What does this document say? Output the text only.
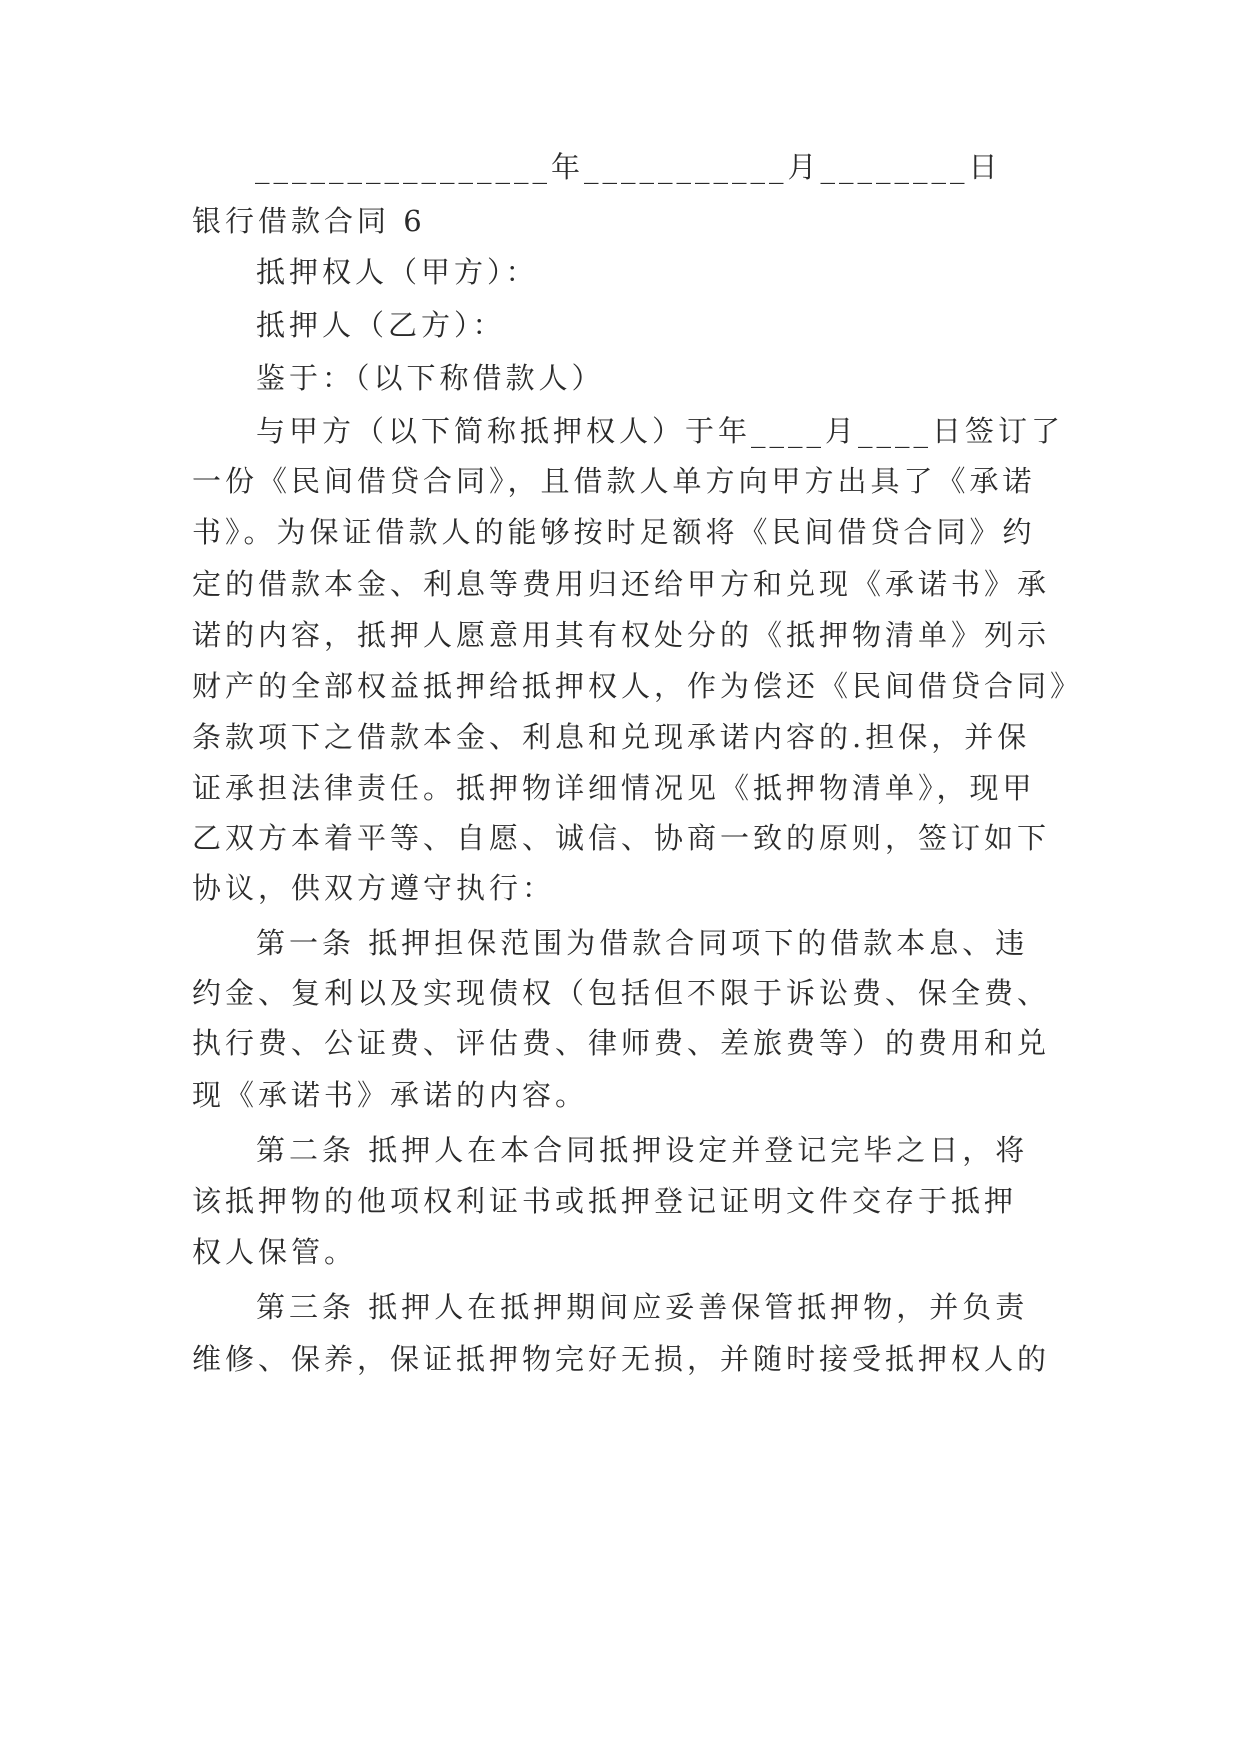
________________年___________月________日
银行借款合同 6
抵押权人（甲方）：
抵押人（乙方）：
鉴于：（以下称借款人）
与甲方（以下简称抵押权人）于年____月____日签订了
一份《民间借贷合同》，且借款人单方向甲方出具了《承诺
书》。为保证借款人的能够按时足额将《民间借贷合同》约
定的借款本金、利息等费用归还给甲方和兑现《承诺书》承
诺的内容，抵押人愿意用其有权处分的《抵押物清单》列示
财产的全部权益抵押给抵押权人，作为偿还《民间借贷合同》
条款项下之借款本金、利息和兑现承诺内容的.担保，并保
证承担法律责任。抵押物详细情况见《抵押物清单》，现甲
乙双方本着平等、自愿、诚信、协商一致的原则，签订如下
协议，供双方遵守执行：
第一条 抵押担保范围为借款合同项下的借款本息、违
约金、复利以及实现债权（包括但不限于诉讼费、保全费、
执行费、公证费、评估费、律师费、差旅费等）的费用和兑
现《承诺书》承诺的内容。
第二条 抵押人在本合同抵押设定并登记完毕之日，将
该抵押物的他项权利证书或抵押登记证明文件交存于抵押
权人保管。
第三条 抵押人在抵押期间应妥善保管抵押物，并负责
维修、保养，保证抵押物完好无损，并随时接受抵押权人的
